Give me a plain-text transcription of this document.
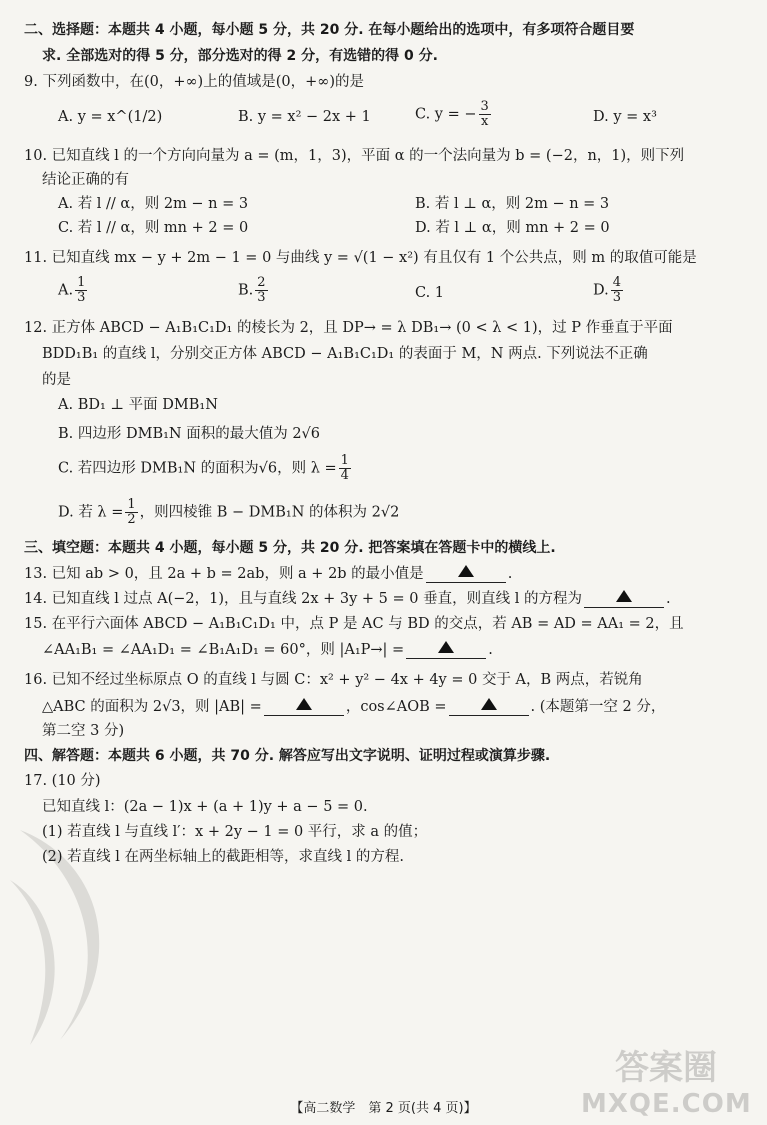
二、选择题：本题共 4 小题，每小题 5 分，共 20 分. 在每小题给出的选项中，有多项符合题目要
求. 全部选对的得 5 分，部分选对的得 2 分，有选错的得 0 分.
9. 下列函数中，在(0，+∞)上的值域是(0，+∞)的是
A. y = x^(1/2)	B. y = x² − 2x + 1	C. y = − $\frac{3}{x}$	D. y = x³
10. 已知直线 l 的一个方向向量为 a = (m，1，3)，平面 α 的一个法向量为 b = (−2，n，1)，则下列
结论正确的有
A. 若 l // α，则 2m − n = 3	B. 若 l ⊥ α，则 2m − n = 3
C. 若 l // α，则 mn + 2 = 0	D. 若 l ⊥ α，则 mn + 2 = 0
11. 已知直线 mx − y + 2m − 1 = 0 与曲线 y = √(1 − x²) 有且仅有 1 个公共点，则 m 的取值可能是
A. $\frac{1}{3}$	B. $\frac{2}{3}$	C. 1	D. $\frac{4}{3}$
12. 正方体 ABCD − A₁B₁C₁D₁ 的棱长为 2，且 DP→ = λ DB₁→ (0 < λ < 1)，过 P 作垂直于平面
BDD₁B₁ 的直线 l，分别交正方体 ABCD − A₁B₁C₁D₁ 的表面于 M，N 两点. 下列说法不正确
的是
A. BD₁ ⊥ 平面 DMB₁N
B. 四边形 DMB₁N 面积的最大值为 2√6
C. 若四边形 DMB₁N 的面积为√6，则 $\lambda = \frac{1}{4}$
D. 若 $\lambda = \frac{1}{2}$ ，则四棱锥 B − DMB₁N 的体积为 2√2
三、填空题：本题共 4 小题，每小题 5 分，共 20 分. 把答案填在答题卡中的横线上.
13. 已知 ab > 0，且 2a + b = 2ab，则 a + 2b 的最小值是	.
14. 已知直线 l 过点 A(−2，1)，且与直线 2x + 3y + 5 = 0 垂直，则直线 l 的方程为	.
15. 在平行六面体 ABCD − A₁B₁C₁D₁ 中，点 P 是 AC 与 BD 的交点，若 AB = AD = AA₁ = 2，且
∠AA₁B₁ = ∠AA₁D₁ = ∠B₁A₁D₁ = 60°，则 |A₁P→| =	.
16. 已知不经过坐标原点 O 的直线 l 与圆 C：x² + y² − 4x + 4y = 0 交于 A，B 两点，若锐角
△ABC 的面积为 2√3，则 |AB| =	，cos∠AOB =	. (本题第一空 2 分，
第二空 3 分)
四、解答题：本题共 6 小题，共 70 分. 解答应写出文字说明、证明过程或演算步骤.
17. (10 分)
已知直线 l：(2a − 1)x + (a + 1)y + a − 5 = 0.
(1) 若直线 l 与直线 l′：x + 2y − 1 = 0 平行，求 a 的值；
(2) 若直线 l 在两坐标轴上的截距相等，求直线 l 的方程.
答案圈
MXQE.COM
【高二数学　第 2 页(共 4 页)】
